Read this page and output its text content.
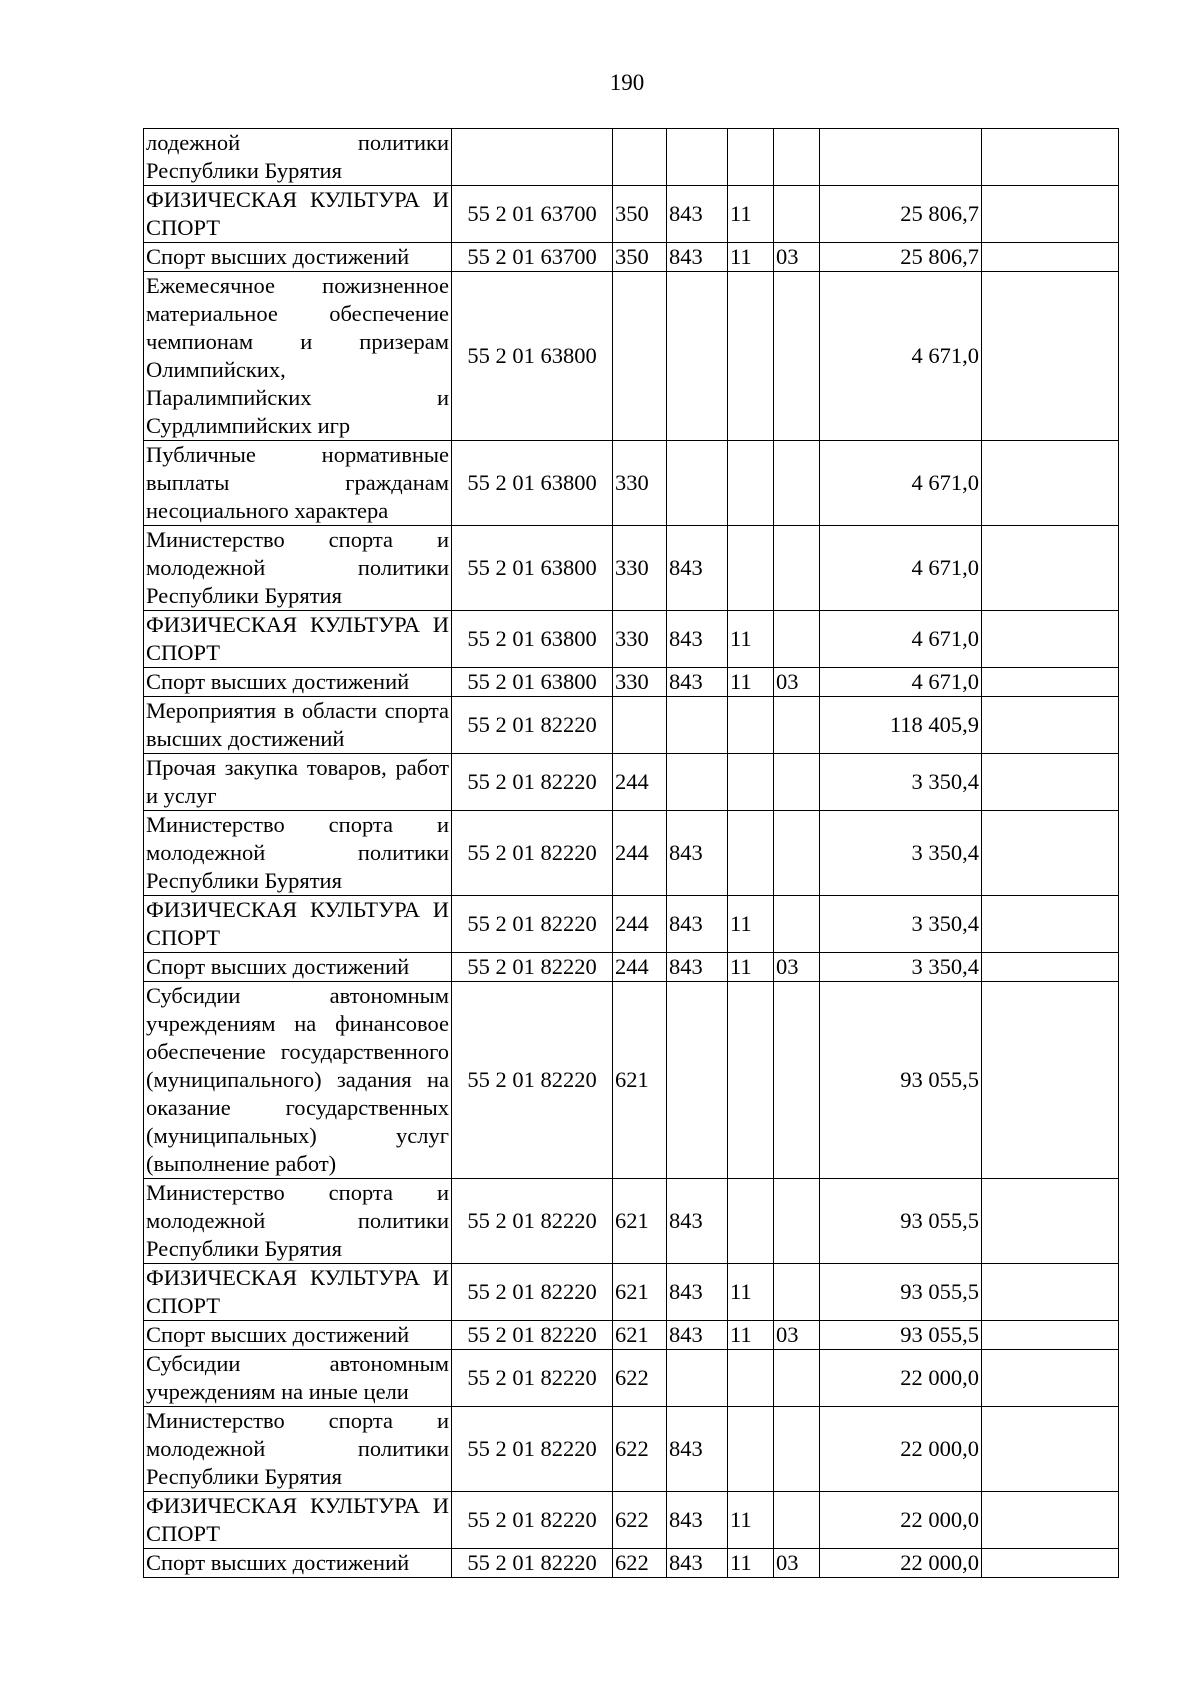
190
лодежной политики Республики Бурятия							
ФИЗИЧЕСКАЯ КУЛЬТУРА И СПОРТ	55 2 01 63700	350	843	11		25 806,7	
Спорт высших достижений	55 2 01 63700	350	843	11	03	25 806,7	
Ежемесячное пожизненное материальное обеспечение чемпионам и призерам Олимпийских, Паралимпийских и Сурдлимпийских игр	55 2 01 63800					4 671,0	
Публичные нормативные выплаты гражданам несоциального характера	55 2 01 63800	330				4 671,0	
Министерство спорта и молодежной политики Республики Бурятия	55 2 01 63800	330	843			4 671,0	
ФИЗИЧЕСКАЯ КУЛЬТУРА И СПОРТ	55 2 01 63800	330	843	11		4 671,0	
Спорт высших достижений	55 2 01 63800	330	843	11	03	4 671,0	
Мероприятия в области спорта высших достижений	55 2 01 82220					118 405,9	
Прочая закупка товаров, работ и услуг	55 2 01 82220	244				3 350,4	
Министерство спорта и молодежной политики Республики Бурятия	55 2 01 82220	244	843			3 350,4	
ФИЗИЧЕСКАЯ КУЛЬТУРА И СПОРТ	55 2 01 82220	244	843	11		3 350,4	
Спорт высших достижений	55 2 01 82220	244	843	11	03	3 350,4	
Субсидии автономным учреждениям на финансовое обеспечение государственного (муниципального) задания на оказание государственных (муниципальных) услуг (выполнение работ)	55 2 01 82220	621				93 055,5	
Министерство спорта и молодежной политики Республики Бурятия	55 2 01 82220	621	843			93 055,5	
ФИЗИЧЕСКАЯ КУЛЬТУРА И СПОРТ	55 2 01 82220	621	843	11		93 055,5	
Спорт высших достижений	55 2 01 82220	621	843	11	03	93 055,5	
Субсидии автономным учреждениям на иные цели	55 2 01 82220	622				22 000,0	
Министерство спорта и молодежной политики Республики Бурятия	55 2 01 82220	622	843			22 000,0	
ФИЗИЧЕСКАЯ КУЛЬТУРА И СПОРТ	55 2 01 82220	622	843	11		22 000,0	
Спорт высших достижений	55 2 01 82220	622	843	11	03	22 000,0	
